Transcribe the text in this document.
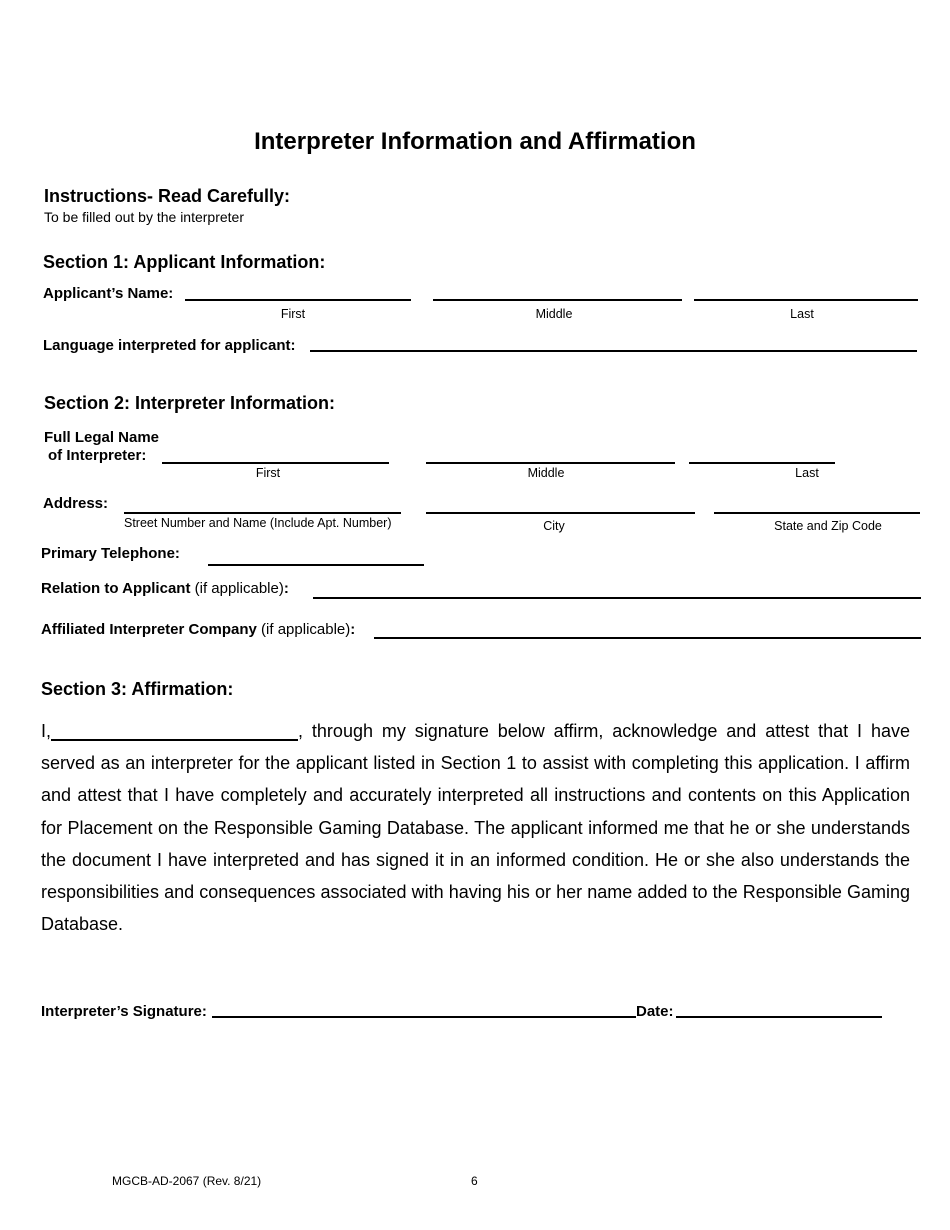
Interpreter Information and Affirmation
Instructions- Read Carefully:
To be filled out by the interpreter
Section 1: Applicant Information:
Applicant’s Name:
First	Middle	Last
Language interpreted for applicant:
Section 2: Interpreter Information:
Full Legal Name
of Interpreter:
First	Middle	Last
Address:
Street Number and Name (Include Apt. Number)	City	State and Zip Code
Primary Telephone:
Relation to Applicant (if applicable):
Affiliated Interpreter Company (if applicable):
Section 3: Affirmation:
I,	, through my signature below affirm, acknowledge and attest that I have served as an interpreter for the applicant listed in Section 1 to assist with completing this application. I affirm and attest that I have completely and accurately interpreted all instructions and contents on this Application for Placement on the Responsible Gaming Database. The applicant informed me that he or she understands the document I have interpreted and has signed it in an informed condition. He or she also understands the responsibilities and consequences associated with having his or her name added to the Responsible Gaming Database.
Interpreter’s Signature:	Date:
MGCB-AD-2067 (Rev. 8/21)	6
